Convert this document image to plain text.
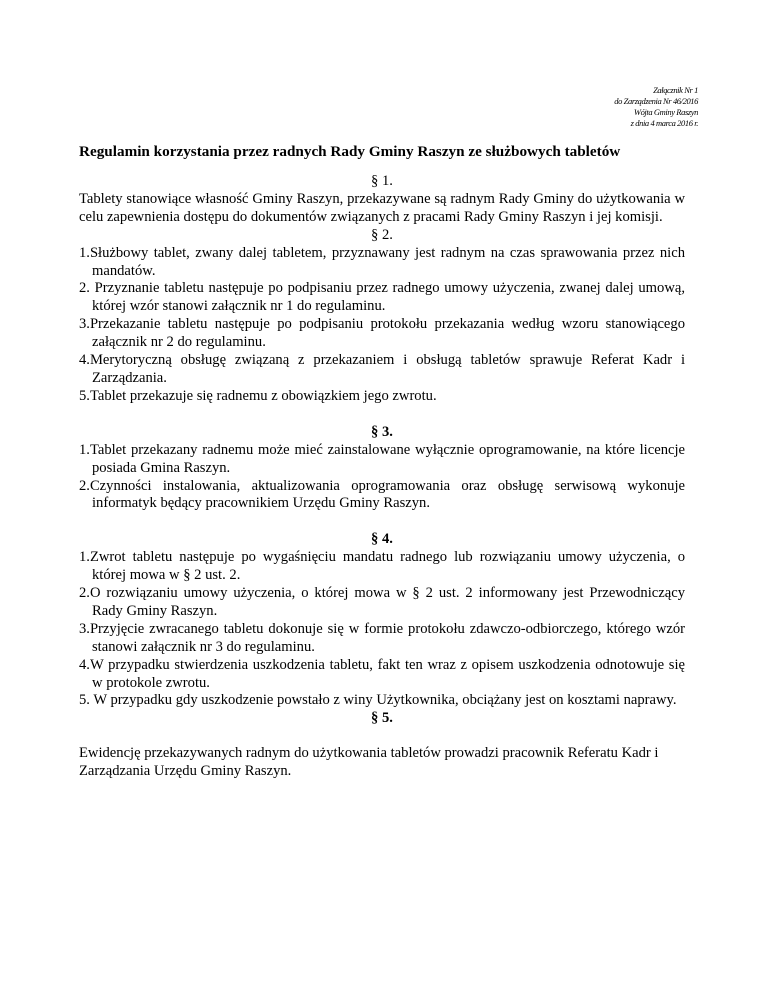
Załącznik Nr 1
do Zarządzenia Nr 46/2016
Wójta Gminy Raszyn
z dnia 4 marca 2016 r.
Regulamin korzystania przez radnych Rady Gminy Raszyn ze służbowych tabletów
§ 1.
Tablety stanowiące własność Gminy Raszyn, przekazywane są radnym Rady Gminy do użytkowania w celu zapewnienia dostępu do dokumentów związanych z pracami Rady Gminy Raszyn i jej komisji.
§ 2.
1.Służbowy tablet, zwany dalej tabletem, przyznawany jest radnym na czas sprawowania przez nich mandatów.
2. Przyznanie tabletu następuje po podpisaniu przez radnego umowy użyczenia, zwanej dalej umową, której wzór stanowi załącznik nr 1 do regulaminu.
3.Przekazanie tabletu następuje po podpisaniu protokołu przekazania według wzoru stanowiącego załącznik nr 2 do regulaminu.
4.Merytoryczną obsługę związaną z przekazaniem i obsługą tabletów sprawuje Referat Kadr i Zarządzania.
5.Tablet przekazuje się radnemu z obowiązkiem jego zwrotu.
§ 3.
1.Tablet przekazany radnemu może mieć zainstalowane wyłącznie oprogramowanie, na które licencje posiada Gmina Raszyn.
2.Czynności instalowania, aktualizowania oprogramowania oraz obsługę serwisową wykonuje informatyk będący pracownikiem Urzędu Gminy Raszyn.
§ 4.
1.Zwrot tabletu następuje po wygaśnięciu mandatu radnego lub rozwiązaniu umowy użyczenia, o której mowa w § 2 ust. 2.
2.O rozwiązaniu umowy użyczenia, o której mowa w § 2 ust. 2 informowany jest Przewodniczący Rady Gminy Raszyn.
3.Przyjęcie zwracanego tabletu dokonuje się w formie protokołu zdawczo-odbiorczego, którego wzór stanowi załącznik nr 3 do regulaminu.
4.W przypadku stwierdzenia uszkodzenia tabletu, fakt ten wraz z opisem uszkodzenia odnotowuje się w protokole zwrotu.
5. W przypadku gdy uszkodzenie powstało z winy Użytkownika, obciążany jest on kosztami naprawy.
§ 5.
Ewidencję przekazywanych radnym do użytkowania tabletów prowadzi pracownik Referatu Kadr i Zarządzania Urzędu Gminy Raszyn.
